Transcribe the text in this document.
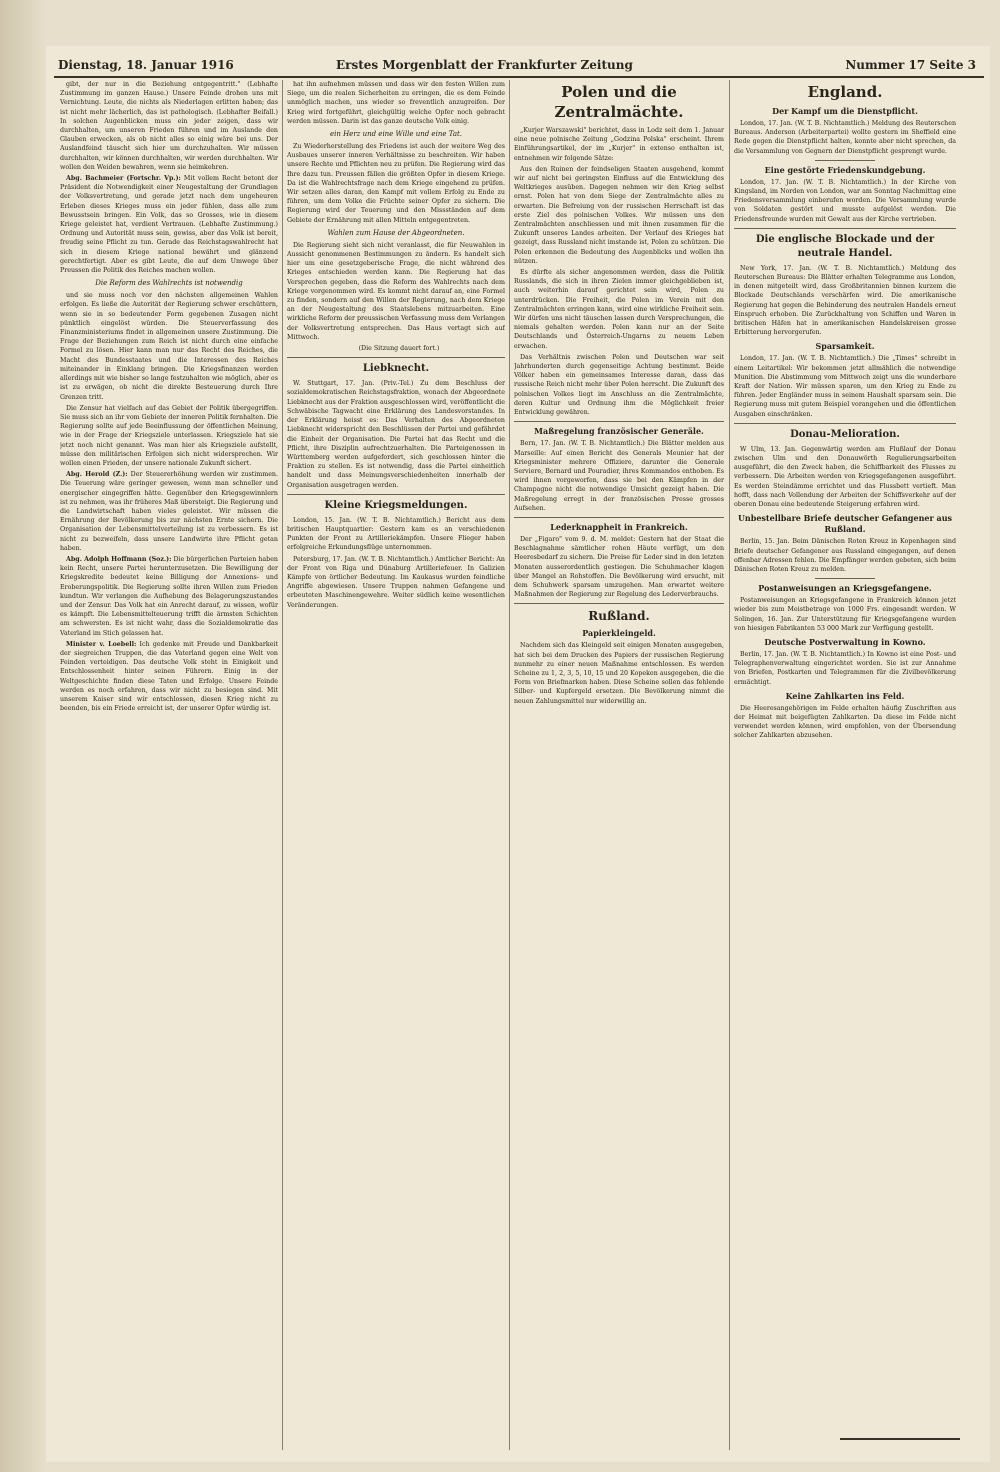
Dienstag, 18. Januar 1916	Erstes Morgenblatt der Frankfurter Zeitung	Nummer 17 Seite 3

gibt, der nur in die Beziehung entgegentritt." (Lebhafte Zustimmung im ganzen Hause.) Unsere Feinde drohen uns mit Vernichtung. Leute, die nichts als Niederlagen erlitten haben; das ist nicht mehr lächerlich, das ist pathologisch. (Lebhafter Beifall.) In solchen Augenblicken muss ein jeder zeigen, dass wir durchhalten, um unseren Frieden führen und im Auslande den Glauben erwecken, als ob nicht alles so einig wäre bei uns. Der Auslandfeind täuscht sich hier um durchzuhalten. Wir müssen durchhalten, wir können durchhalten, wir werden durchhalten. Wir wollen den Weiden bewahren, wenn sie heimkehren.

Abg. Bachmeier (Fortschr. Vp.): Mit vollem Recht betont der Präsident die Notwendigkeit einer Neugestaltung der Grundlagen der Volksvertretung, und gerade jetzt nach dem ungeheuren Erleben dieses Krieges muss ein jeder fühlen, dass alle zum Bewusstsein bringen. Ein Volk, das so Grosses, wie in diesem Kriege geleistet hat, verdient Vertrauen. (Lebhafte Zustimmung.) Ordnung und Autorität muss sein, gewiss, aber das Volk ist bereit, freudig seine Pflicht zu tun. Gerade das Reichstagswahlrecht hat sich in diesem Kriege national bewährt und glänzend gerechtfertigt. Aber es gibt Leute, die auf dem Umwege über Preussen die Politik des Reiches machen wollen.

Die Reform des Wahlrechts ist notwendig

und sie muss noch vor den nächsten allgemeinen Wahlen erfolgen. Es ließe die Autorität der Regierung schwer erschüttern, wenn sie in so bedeutender Form gegebenen Zusagen nicht pünktlich eingelöst würden. Die Steuerverfassung des Finanzministeriums findet in allgemeinen unsere Zustimmung. Die Frage der Beziehungen zum Reich ist nicht durch eine einfache Formel zu lösen. Hier kann man nur das Recht des Reiches, die Macht des Bundesstaates und die Interessen des Reiches miteinander in Einklang bringen. Die Kriegsfinanzen werden allerdings mit wie bisher so lange festzuhalten wie möglich, aber es ist zu erwägen, ob nicht die direkte Besteuerung durch Ihre Grenzen tritt.

Die Zensur hat vielfach auf das Gebiet der Politik übergegriffen. Sie muss sich an ihr vom Gebiete der inneren Politik fernhalten. Die Regierung sollte auf jede Beeinflussung der öffentlichen Meinung, wie in der Frage der Kriegsziele unterlassen. Kriegsziele hat sie jetzt noch nicht genannt. Was man hier als Kriegsziele aufstellt, müsse den militärischen Erfolgen sich nicht widersprechen. Wir wollen einen Frieden, der unsere nationale Zukunft sichert.

Abg. Herold (Z.): Der Steuererhöhung werden wir zustimmen. Die Teuerung wäre geringer gewesen, wenn man schneller und energischer eingegriffen hätte. Gegenüber den Kriegsgewinnlern ist zu nehmen, was ihr früheres Maß übersteigt. Die Regierung und die Landwirtschaft haben vieles geleistet. Wir müssen die Ernährung der Bevölkerung bis zur nächsten Ernte sichern. Die Organisation der Lebensmittelverteilung ist zu verbessern. Es ist nicht zu bezweifeln, dass unsere Landwirte ihre Pflicht getan haben.

Abg. Adolph Hoffmann (Soz.): Die bürgerlichen Parteien haben kein Recht, unsere Partei herunterzusetzen. Die Bewilligung der Kriegskredite bedeutet keine Billigung der Annexions- und Eroberungspolitik. Die Regierung sollte ihren Willen zum Frieden kundtun. Wir verlangen die Aufhebung des Belagerungszustandes und der Zensur. Das Volk hat ein Anrecht darauf, zu wissen, wofür es kämpft. Die Lebensmittelteuerung trifft die ärmsten Schichten am schwersten. Es ist nicht wahr, dass die Sozialdemokratie das Vaterland im Stich gelassen hat.

Minister v. Loebell: Ich gedenke mit Freude und Dankbarkeit der siegreichen Truppen, die das Vaterland gegen eine Welt von Feinden verteidigen. Das deutsche Volk steht in Einigkeit und Entschlossenheit hinter seinen Führern. Einig in der Weltgeschichte finden diese Taten und Erfolge. Unsere Feinde werden es noch erfahren, dass wir nicht zu besiegen sind. Mit unserem Kaiser sind wir entschlossen, diesen Krieg nicht zu beenden, bis ein Friede erreicht ist, der unserer Opfer würdig ist.

hat ihn aufnehmen müssen und dass wir den festen Willen zum Siege, um die realen Sicherheiten zu erringen, die es dem Feinde unmöglich machen, uns wieder so freventlich anzugreifen. Der Krieg wird fortgeführt, gleichgültig welche Opfer noch gebracht werden müssen. Darin ist das ganze deutsche Volk einig.

ein Herz und eine Wille und eine Tat.

Zu Wiederherstellung des Friedens ist auch der weitere Weg des Ausbaues unserer inneren Verhältnisse zu beschreiten. Wir haben unsere Rechte und Pflichten neu zu prüfen. Die Regierung wird das Ihre dazu tun. Preussen fällen die größten Opfer in diesem Kriege. Da ist die Wahlrechtsfrage nach dem Kriege eingehend zu prüfen. Wir setzen alles daran, den Kampf mit vollem Erfolg zu Ende zu führen, um dem Volke die Früchte seiner Opfer zu sichern. Die Regierung wird der Teuerung und den Missständen auf dem Gebiete der Ernährung mit allen Mitteln entgegentreten.

Wahlen zum Hause der Abgeordneten.

Die Regierung sieht sich nicht veranlasst, die für Neuwahlen in Aussicht genommenen Bestimmungen zu ändern. Es handelt sich hier um eine gesetzgeberische Frage, die nicht während des Krieges entschieden werden kann. Die Regierung hat das Versprechen gegeben, dass die Reform des Wahlrechts nach dem Kriege vorgenommen wird. Es kommt nicht darauf an, eine Formel zu finden, sondern auf den Willen der Regierung, nach dem Kriege an der Neugestaltung des Staatslebens mitzuarbeiten. Eine wirkliche Reform der preussischen Verfassung muss dem Verlangen der Volksvertretung entsprechen. Das Haus vertagt sich auf Mittwoch.

(Die Sitzung dauert fort.)

Liebknecht.

W. Stuttgart, 17. Jan. (Priv.-Tel.) Zu dem Beschluss der sozialdemokratischen Reichstagsfraktion, wonach der Abgeordnete Liebknecht aus der Fraktion ausgeschlossen wird, veröffentlicht die Schwäbische Tagwacht eine Erklärung des Landesvorstandes. In der Erklärung heisst es: Das Verhalten des Abgeordneten Liebknecht widerspricht den Beschlüssen der Partei und gefährdet die Einheit der Organisation. Die Partei hat das Recht und die Pflicht, ihre Disziplin aufrechtzuerhalten. Die Parteigenossen in Württemberg werden aufgefordert, sich geschlossen hinter die Fraktion zu stellen. Es ist notwendig, dass die Partei einheitlich handelt und dass Meinungsverschiedenheiten innerhalb der Organisation ausgetragen werden.

Kleine Kriegsmeldungen.

London, 15. Jan. (W. T. B. Nichtamtlich.) Bericht aus dem britischen Hauptquartier: Gestern kam es an verschiedenen Punkten der Front zu Artilleriekämpfen. Unsere Flieger haben erfolgreiche Erkundungsflüge unternommen.

Petersburg, 17. Jan. (W. T. B. Nichtamtlich.) Amtlicher Bericht: An der Front von Riga und Dünaburg Artilleriefeuer. In Galizien Kämpfe von örtlicher Bedeutung. Im Kaukasus wurden feindliche Angriffe abgewiesen. Unsere Truppen nahmen Gefangene und erbeuteten Maschinengewehre. Weiter südlich keine wesentlichen Veränderungen.

Polen und die Zentralmächte.

„Kurjer Warszawski" berichtet, dass in Lodz seit dem 1. Januar eine neue polnische Zeitung „Godzina Polska" erscheint. Ihrem Einführungsartikel, der im „Kurjer" in extenso enthalten ist, entnehmen wir folgende Sätze:

Aus den Ruinen der feindseligen Staaten ausgehend, kommt wir auf nicht bei geringsten Einfluss auf die Entwicklung des Weltkrieges ausüben. Dagegen nehmen wir den Krieg selbst ernst. Polen hat von dem Siege der Zentralmächte alles zu erwarten. Die Befreiung von der russischen Herrschaft ist das erste Ziel des polnischen Volkes. Wir müssen uns den Zentralmächten anschliessen und mit ihnen zusammen für die Zukunft unseres Landes arbeiten. Der Verlauf des Krieges hat gezeigt, dass Russland nicht imstande ist, Polen zu schützen. Die Polen erkennen die Bedeutung des Augenblicks und wollen ihn nützen.

Es dürfte als sicher angenommen werden, dass die Politik Russlands, die sich in ihren Zielen immer gleichgeblieben ist, auch weiterhin darauf gerichtet sein wird, Polen zu unterdrücken. Die Freiheit, die Polen im Verein mit den Zentralmächten erringen kann, wird eine wirkliche Freiheit sein. Wir dürfen uns nicht täuschen lassen durch Versprechungen, die niemals gehalten werden. Polen kann nur an der Seite Deutschlands und Österreich-Ungarns zu neuem Leben erwachen.

Das Verhältnis zwischen Polen und Deutschen war seit Jahrhunderten durch gegenseitige Achtung bestimmt. Beide Völker haben ein gemeinsames Interesse daran, dass das russische Reich nicht mehr über Polen herrscht. Die Zukunft des polnischen Volkes liegt im Anschluss an die Zentralmächte, deren Kultur und Ordnung ihm die Möglichkeit freier Entwicklung gewähren.

Maßregelung französischer Generäle.

Bern, 17. Jan. (W. T. B. Nichtamtlich.) Die Blätter melden aus Marseille: Auf einen Bericht des Generals Meunier hat der Kriegsminister mehrere Offiziere, darunter die Generale Serviere, Bernard und Pouradier, ihres Kommandos enthoben. Es wird ihnen vorgeworfen, dass sie bei den Kämpfen in der Champagne nicht die notwendige Umsicht gezeigt haben. Die Maßregelung erregt in der französischen Presse grosses Aufsehen.

Lederknappheit in Frankreich.

Der „Figaro" vom 9. d. M. meldet: Gestern hat der Staat die Beschlagnahme sämtlicher rohen Häute verfügt, um den Heeresbedarf zu sichern. Die Preise für Leder sind in den letzten Monaten ausserordentlich gestiegen. Die Schuhmacher klagen über Mangel an Rohstoffen. Die Bevölkerung wird ersucht, mit dem Schuhwerk sparsam umzugehen. Man erwartet weitere Maßnahmen der Regierung zur Regelung des Lederverbrauchs.

Rußland.
Papierkleingeld.

Nachdem sich das Kleingeld seit einigen Monaten ausgegeben, hat sich bei dem Drucken des Papiers der russischen Regierung nunmehr zu einer neuen Maßnahme entschlossen. Es werden Scheine zu 1, 2, 3, 5, 10, 15 und 20 Kopeken ausgegeben, die die Form von Briefmarken haben. Diese Scheine sollen das fehlende Silber- und Kupfergeld ersetzen. Die Bevölkerung nimmt die neuen Zahlungsmittel nur widerwillig an.

England.
Der Kampf um die Dienstpflicht.

London, 17. Jan. (W. T. B. Nichtamtlich.) Meldung des Reuterschen Bureaus. Anderson (Arbeiterpartei) wollte gestern im Sheffield eine Rede gegen die Dienstpflicht halten, konnte aber nicht sprechen, da die Versammlung von Gegnern der Dienstpflicht gesprengt wurde.

Eine gestörte Friedenskundgebung.

London, 17. Jan. (W. T. B. Nichtamtlich.) In der Kirche von Kingsland, im Norden von London, war am Sonntag Nachmittag eine Friedensversammlung einberufen worden. Die Versammlung wurde von Soldaten gestört und musste aufgelöst werden. Die Friedensfreunde wurden mit Gewalt aus der Kirche vertrieben.

Die englische Blockade und der neutrale Handel.

New York, 17. Jan. (W. T. B. Nichtamtlich.) Meldung des Reuterschen Bureaus: Die Blätter erhalten Telegramme aus London, in denen mitgeteilt wird, dass Großbritannien binnen kurzem die Blockade Deutschlands verschärfen wird. Die amerikanische Regierung hat gegen die Behinderung des neutralen Handels erneut Einspruch erhoben. Die Zurückhaltung von Schiffen und Waren in britischen Häfen hat in amerikanischen Handelskreisen grosse Erbitterung hervorgerufen.

Sparsamkeit.

London, 17. Jan. (W. T. B. Nichtamtlich.) Die „Times" schreibt in einem Leitartikel: Wir bekommen jetzt allmählich die notwendige Munition. Die Abstimmung vom Mittwoch zeigt uns die wunderbare Kraft der Nation. Wir müssen sparen, um den Krieg zu Ende zu führen. Jeder Engländer muss in seinem Haushalt sparsam sein. Die Regierung muss mit gutem Beispiel vorangehen und die öffentlichen Ausgaben einschränken.

Donau-Melioration.

W Ulm, 13. Jan. Gegenwärtig werden am Flußlauf der Donau zwischen Ulm und den Donauwörth Regulierungsarbeiten ausgeführt, die den Zweck haben, die Schiffbarkeit des Flusses zu verbessern. Die Arbeiten werden von Kriegsgefangenen ausgeführt. Es werden Steindämme errichtet und das Flussbett vertieft. Man hofft, dass nach Vollendung der Arbeiten der Schiffsverkehr auf der oberen Donau eine bedeutende Steigerung erfahren wird.

Unbestellbare Briefe deutscher Gefangener aus Rußland.

Berlin, 15. Jan. Beim Dänischen Roten Kreuz in Kopenhagen sind Briefe deutscher Gefangener aus Russland eingegangen, auf denen offenbar Adressen fehlen. Die Empfänger werden gebeten, sich beim Dänischen Roten Kreuz zu melden.

Postanweisungen an Kriegsgefangene.

Postanweisungen an Kriegsgefangene in Frankreich können jetzt wieder bis zum Meistbetrage von 1000 Frs. eingesandt werden. W Solingen, 16. Jan. Zur Unterstützung für Kriegsgefangene wurden von hiesigen Fabrikanten 53 000 Mark zur Verfügung gestellt.

Deutsche Postverwaltung in Kowno.

Berlin, 17. Jan. (W. T. B. Nichtamtlich.) In Kowno ist eine Post- und Telegraphenverwaltung eingerichtet worden. Sie ist zur Annahme von Briefen, Postkarten und Telegrammen für die Zivilbevölkerung ermächtigt.

Keine Zahlkarten ins Feld.

Die Heeresangehörigen im Felde erhalten häufig Zuschriften aus der Heimat mit beigefügten Zahlkarten. Da diese im Felde nicht verwendet werden können, wird empfohlen, von der Übersendung solcher Zahlkarten abzusehen.
